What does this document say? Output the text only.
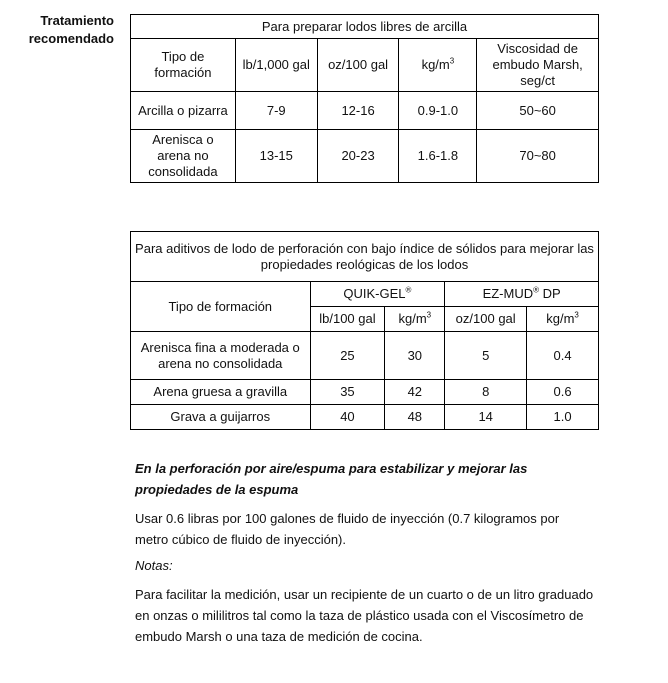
Tratamiento recomendado
Para preparar lodos libres de arcilla				
Tipo de formación	lb/1,000 gal	oz/100 gal	$kg/m^3$	Viscosidad de embudo Marsh, seg/ct
Arcilla o pizarra	7-9	12-16	0.9-1.0	50~60
Arenisca o arena no consolidada	13-15	20-23	1.6-1.8	70~80
Para aditivos de lodo de perforación con bajo índice de sólidos para mejorar las propiedades reológicas de los lodos				
Tipo de formación	QUIK-GEL®		EZ-MUD® DP	
	lb/100 gal	$kg/m^3$	oz/100 gal	$kg/m^3$
Arenisca fina a moderada o arena no consolidada	25	30	5	0.4
Arena gruesa a gravilla	35	42	8	0.6
Grava a guijarros	40	48	14	1.0
En la perforación por aire/espuma para estabilizar y mejorar las propiedades de la espuma
Usar 0.6 libras por 100 galones de fluido de inyección (0.7 kilogramos por metro cúbico de fluido de inyección).
Notas:
Para facilitar la medición, usar un recipiente de un cuarto o de un litro graduado en onzas o mililitros tal como la taza de plástico usada con el Viscosímetro de embudo Marsh o una taza de medición de cocina.
